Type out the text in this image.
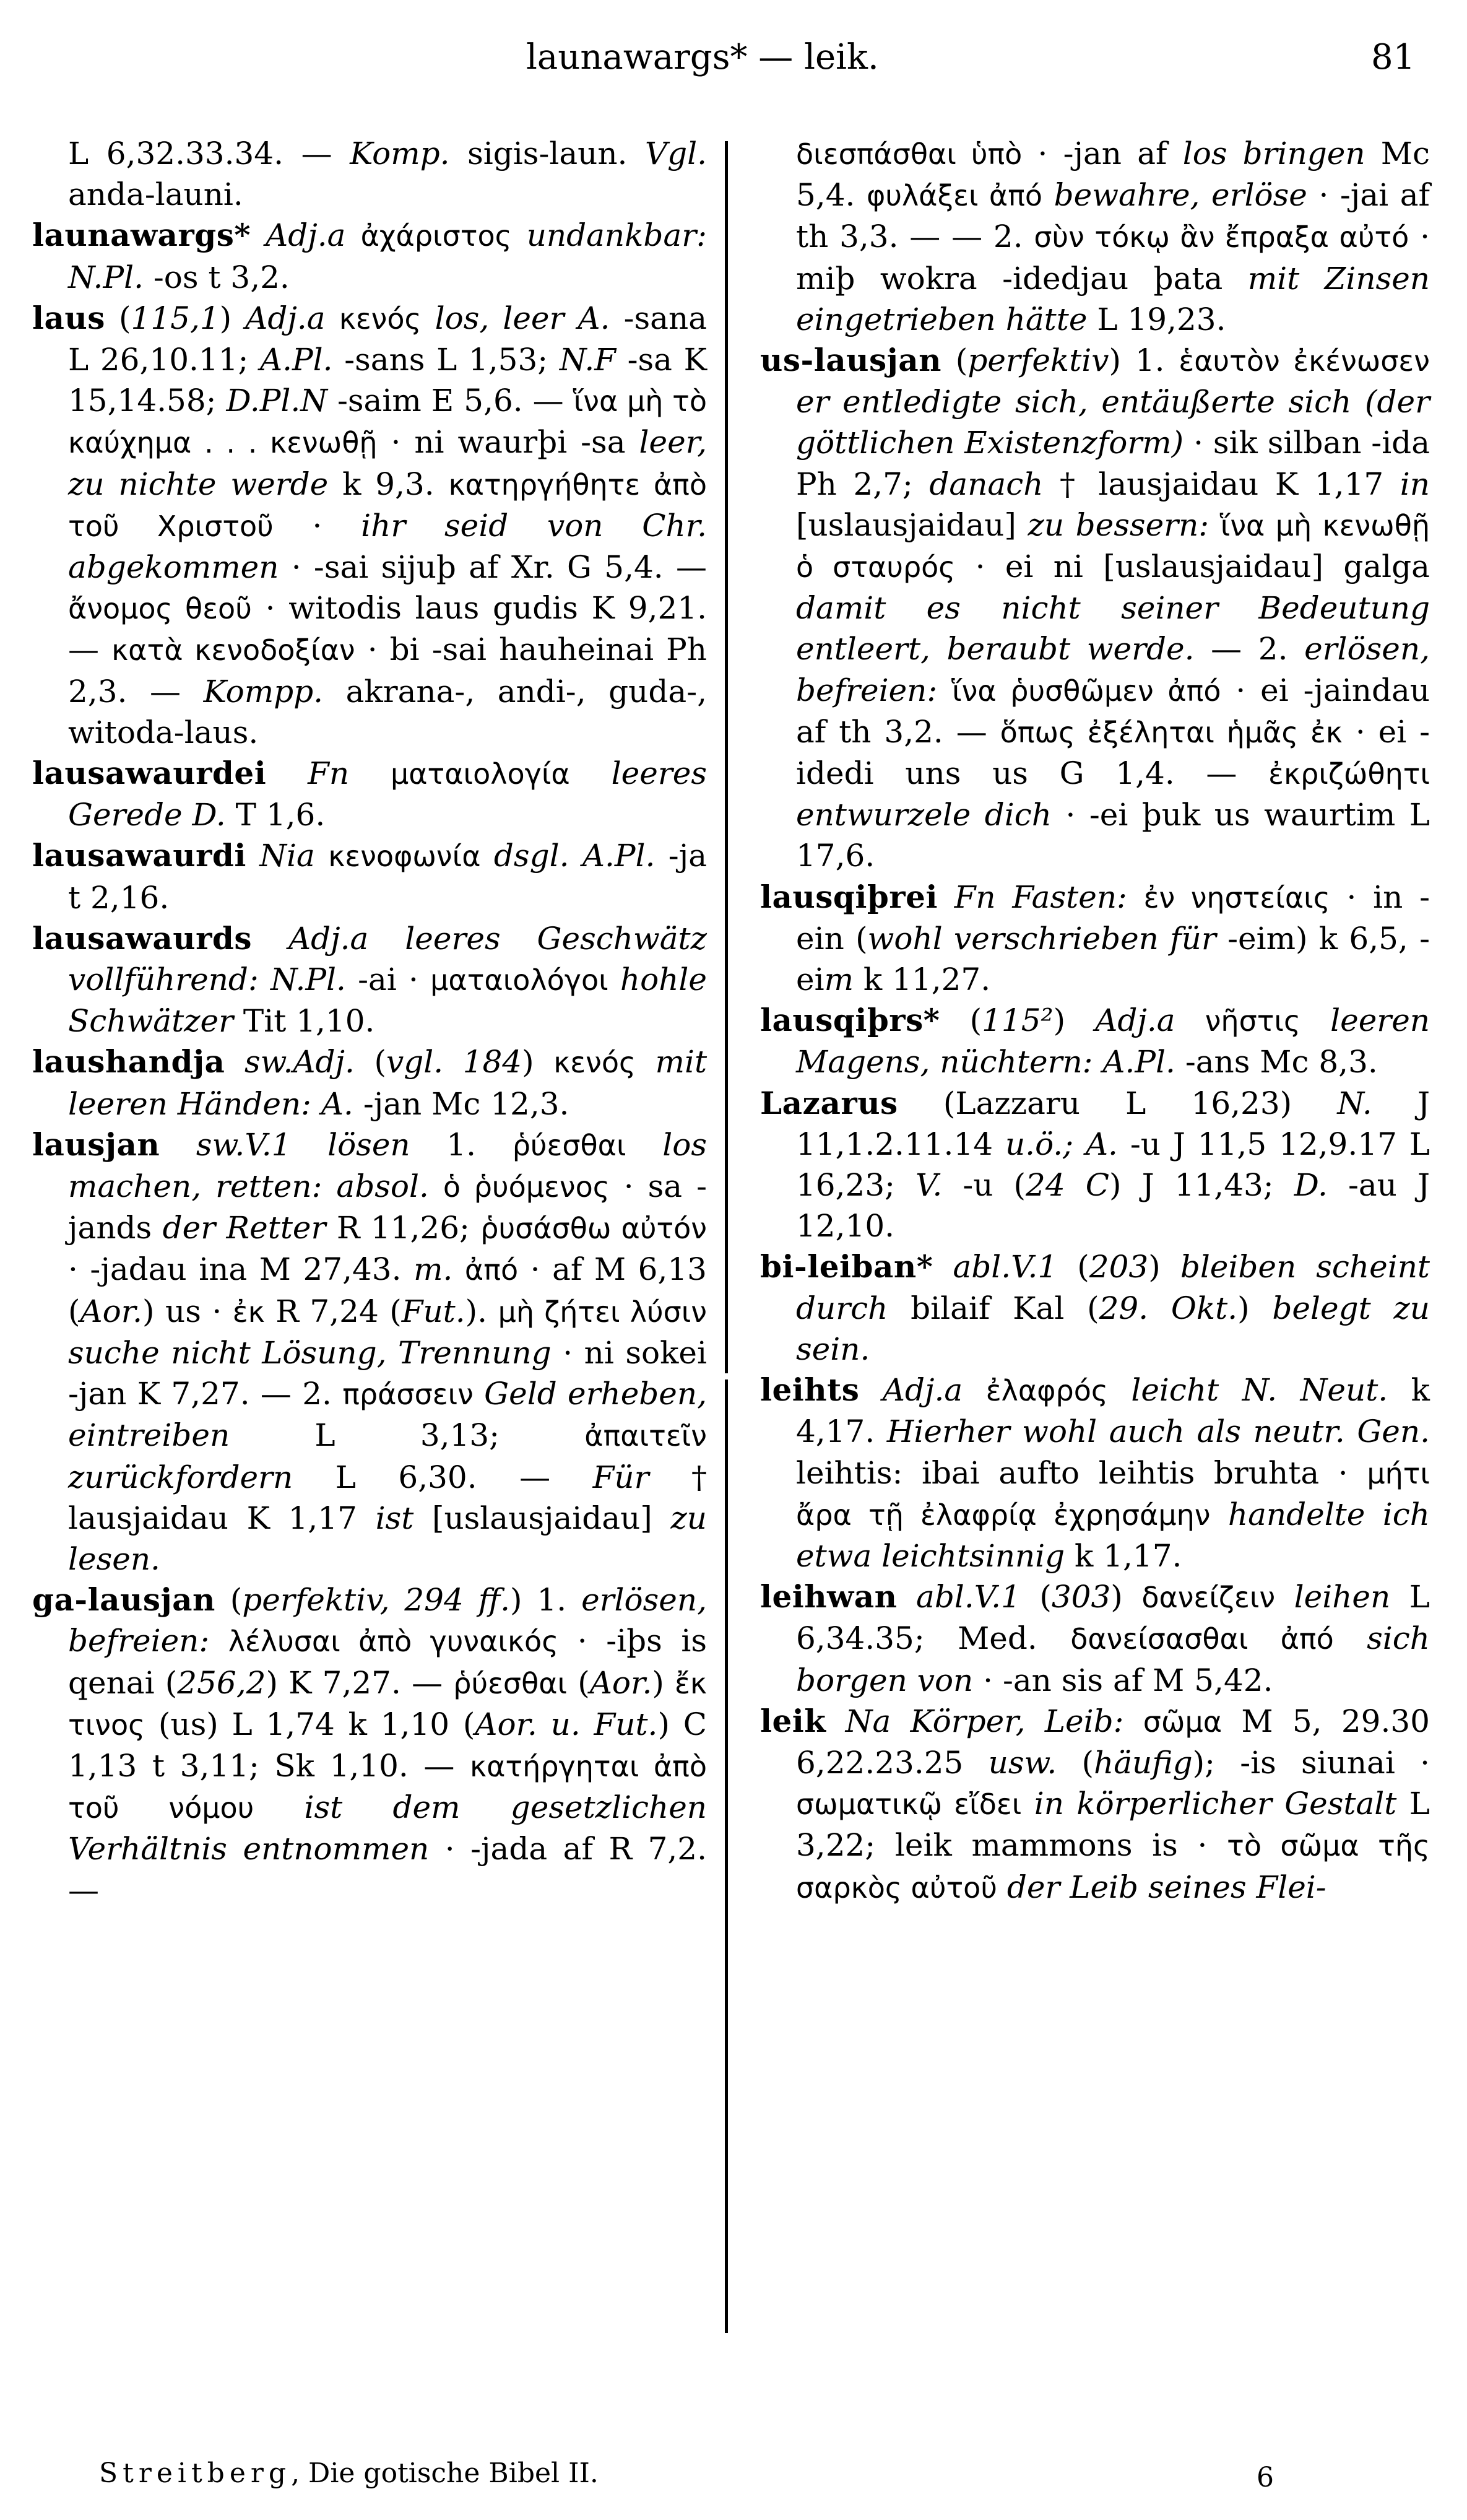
launawargs* — leik.	81

L 6,32.33.34. — Komp. sigis-laun. Vgl. anda-launi.

launawargs* Adj.a ἀχάριστος undankbar: N.Pl. -os t 3,2.

laus (115,1) Adj.a κενός los, leer A. -sana L 26,10.11; A.Pl. -sans L 1,53; N.F -sa K 15,14.58; D.Pl.N -saim E 5,6. — ἵνα μὴ τὸ καύχημα . . . κενωθῇ · ni waurþi -sa leer, zu nichte werde k 9,3. κατηργήθητε ἀπὸ τοῦ Χριστοῦ · ihr seid von Chr. abgekommen · -sai sijuþ af Xr. G 5,4. — ἄνομος θεοῦ · witodis laus gudis K 9,21. — κατὰ κενοδοξίαν · bi -sai hauheinai Ph 2,3. — Kompp. akrana-, andi-, guda-, witoda-laus.

lausawaurdei Fn ματαιολογία leeres Gerede D. T 1,6.

lausawaurdi Nia κενοφωνία dsgl. A.Pl. -ja t 2,16.

lausawaurds Adj.a leeres Geschwätz vollführend: N.Pl. -ai · ματαιολόγοι hohle Schwätzer Tit 1,10.

laushandja sw.Adj. (vgl. 184) κενός mit leeren Händen: A. -jan Mc 12,3.

lausjan sw.V.1 lösen 1. ῥύεσθαι los machen, retten: absol. ὁ ῥυόμενος · sa -jands der Retter R 11,26; ῥυσάσθω αὐτόν · -jadau ina M 27,43. m. ἀπό · af M 6,13 (Aor.) us · ἐκ R 7,24 (Fut.). μὴ ζήτει λύσιν suche nicht Lösung, Trennung · ni sokei -jan K 7,27. — 2. πράσσειν Geld erheben, eintreiben L 3,13; ἀπαιτεῖν zurückfordern L 6,30. — Für † lausjaidau K 1,17 ist [uslausjaidau] zu lesen.

ga-lausjan (perfektiv, 294 ff.) 1. erlösen, befreien: λέλυσαι ἀπὸ γυναικός · -iþs is qenai (256,2) K 7,27. — ῥύεσθαι (Aor.) ἔκ τινος (us) L 1,74 k 1,10 (Aor. u. Fut.) C 1,13 t 3,11; Sk 1,10. — κατήργηται ἀπὸ τοῦ νόμου ist dem gesetzlichen Verhältnis entnommen · -jada af R 7,2. —

διεσπάσθαι ὑπὸ · -jan af los bringen Mc 5,4. φυλάξει ἀπό bewahre, erlöse · -jai af th 3,3. — — 2. σὺν τόκῳ ἂν ἔπραξα αὐτό · miþ wokra -idedjau þata mit Zinsen eingetrieben hätte L 19,23.

us-lausjan (perfektiv) 1. ἑαυτὸν ἐκένωσεν er entledigte sich, entäußerte sich (der göttlichen Existenzform) · sik silban -ida Ph 2,7; danach † lausjaidau K 1,17 in [uslausjaidau] zu bessern: ἵνα μὴ κενωθῇ ὁ σταυρός · ei ni [uslausjaidau] galga damit es nicht seiner Bedeutung entleert, beraubt werde. — 2. erlösen, befreien: ἵνα ῥυσθῶμεν ἀπό · ei -jaindau af th 3,2. — ὅπως ἐξέληται ἡμᾶς ἐκ · ei -idedi uns us G 1,4. — ἐκριζώθητι entwurzele dich · -ei þuk us waurtim L 17,6.

lausqiþrei Fn Fasten: ἐν νηστείαις · in -ein (wohl verschrieben für -eim) k 6,5, -eim k 11,27.

lausqiþrs* (115²) Adj.a νῆστις leeren Magens, nüchtern: A.Pl. -ans Mc 8,3.

Lazarus (Lazzaru L 16,23) N. J 11,1.2.11.14 u.ö.; A. -u J 11,5 12,9.17 L 16,23; V. -u (24 C) J 11,43; D. -au J 12,10.

bi-leiban* abl.V.1 (203) bleiben scheint durch bilaif Kal (29. Okt.) belegt zu sein.

leihts Adj.a ἐλαφρός leicht N. Neut. k 4,17. Hierher wohl auch als neutr. Gen. leihtis: ibai aufto leihtis bruhta · μήτι ἄρα τῇ ἐλαφρίᾳ ἐχρησάμην handelte ich etwa leichtsinnig k 1,17.

leihwan abl.V.1 (303) δανείζειν leihen L 6,34.35; Med. δανείσασθαι ἀπό sich borgen von · -an sis af M 5,42.

leik Na Körper, Leib: σῶμα M 5, 29.30 6,22.23.25 usw. (häufig); -is siunai · σωματικῷ εἴδει in körperlicher Gestalt L 3,22; leik mammons is · τὸ σῶμα τῆς σαρκὸς αὐτοῦ der Leib seines Flei-

Streitberg, Die gotische Bibel II.	6
